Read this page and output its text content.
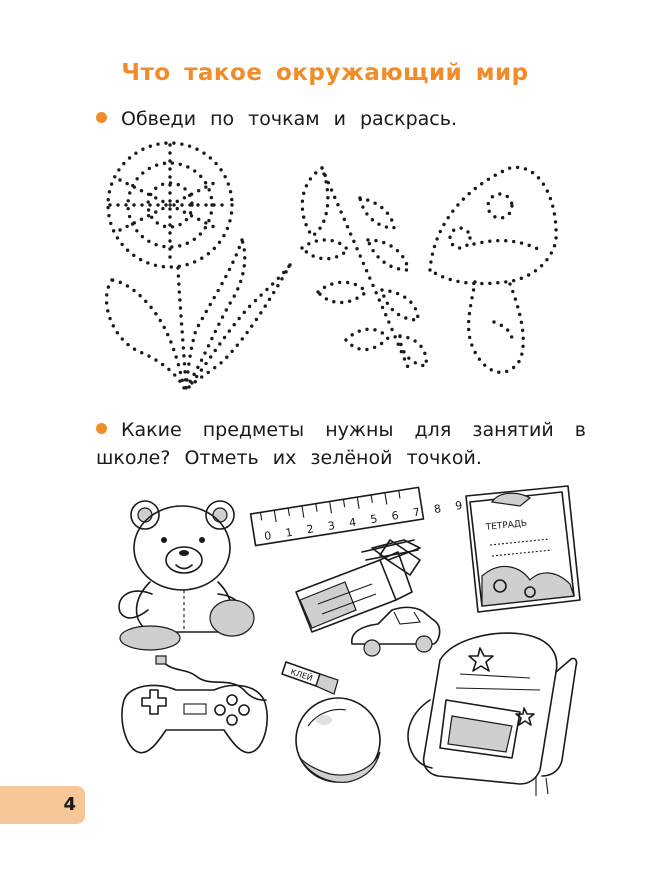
Что такое окружающий мир
Обведи по точкам и раскрась.
0 1 2 3 4 5 6 7 8 9 ТЕТРАДЬ
КЛЕЙ
Какие предметы нужны для занятий в школе? Отметь их зелёной точкой.
4
